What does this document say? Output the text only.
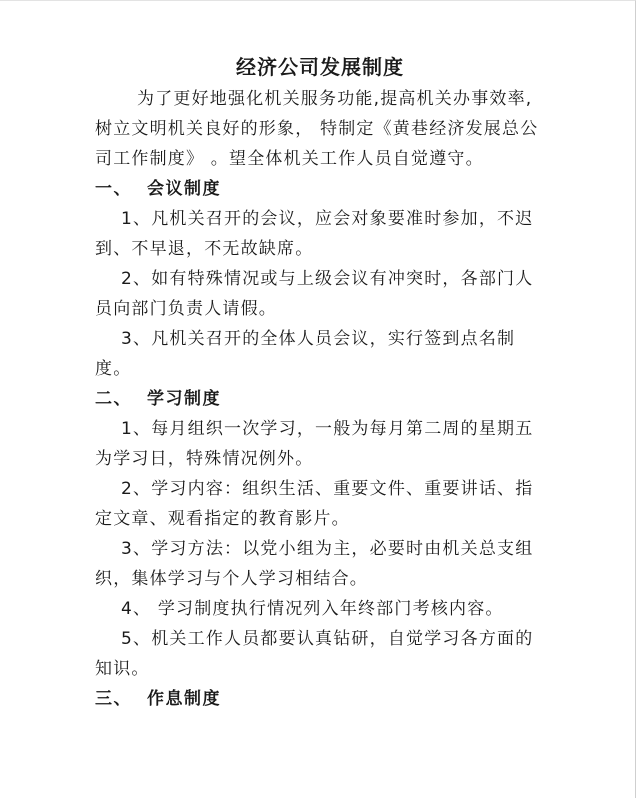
经济公司发展制度

为了更好地强化机关服务功能,提高机关办事效率,树立文明机关良好的形象， 特制定《黄巷经济发展总公司工作制度》 。望全体机关工作人员自觉遵守。

一、 会议制度

1、凡机关召开的会议，应会对象要准时参加，不迟到、不早退，不无故缺席。

2、如有特殊情况或与上级会议有冲突时，各部门人员向部门负责人请假。

3、凡机关召开的全体人员会议，实行签到点名制度。

二、 学习制度

1、每月组织一次学习，一般为每月第二周的星期五为学习日，特殊情况例外。

2、学习内容：组织生活、重要文件、重要讲话、指定文章、观看指定的教育影片。

3、学习方法：以党小组为主，必要时由机关总支组织，集体学习与个人学习相结合。

4、 学习制度执行情况列入年终部门考核内容。

5、机关工作人员都要认真钻研，自觉学习各方面的知识。

三、 作息制度
